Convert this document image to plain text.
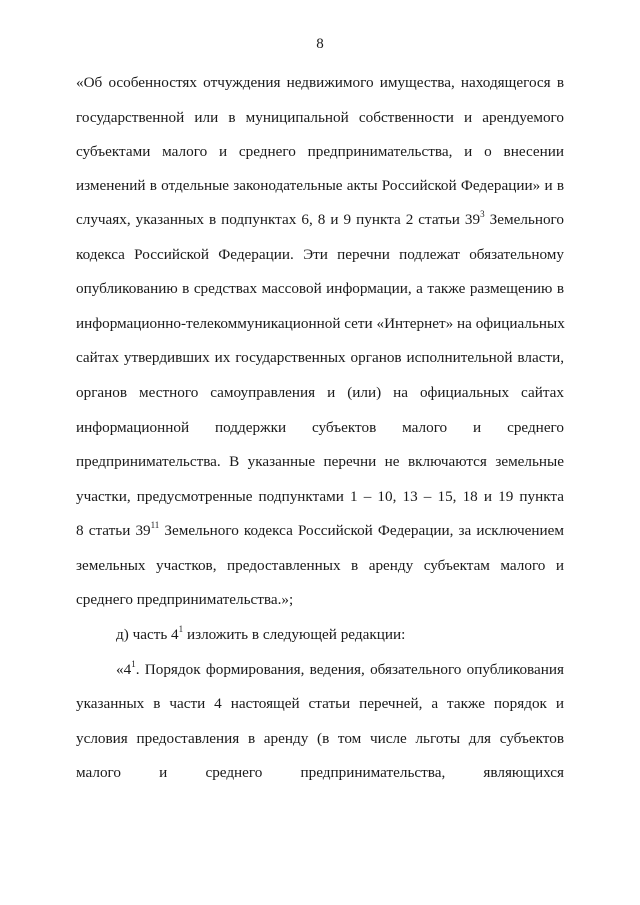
8
«Об особенностях отчуждения недвижимого имущества, находящегося в
государственной или в муниципальной собственности и арендуемого
субъектами малого и среднего предпринимательства, и о внесении
изменений в отдельные законодательные акты Российской Федерации» и в
случаях, указанных в подпунктах 6, 8 и 9 пункта 2 статьи $39^3$ Земельного
кодекса Российской Федерации. Эти перечни подлежат обязательному
опубликованию в средствах массовой информации, а также размещению в
информационно-телекоммуникационной сети «Интернет» на официальных
сайтах утвердивших их государственных органов исполнительной власти,
органов местного самоуправления и (или) на официальных сайтах
информационной поддержки субъектов малого и среднего
предпринимательства. В указанные перечни не включаются земельные
участки, предусмотренные подпунктами 1 – 10, 13 – 15, 18 и 19 пункта
8 статьи $39^{11}$ Земельного кодекса Российской Федерации, за исключением
земельных участков, предоставленных в аренду субъектам малого и
среднего предпринимательства.»;
д) часть $4^1$ изложить в следующей редакции:
«$4^1$. Порядок формирования, ведения, обязательного опубликования
указанных в части 4 настоящей статьи перечней, а также порядок и
условия предоставления в аренду (в том числе льготы для субъектов
малого и среднего предпринимательства, являющихся
